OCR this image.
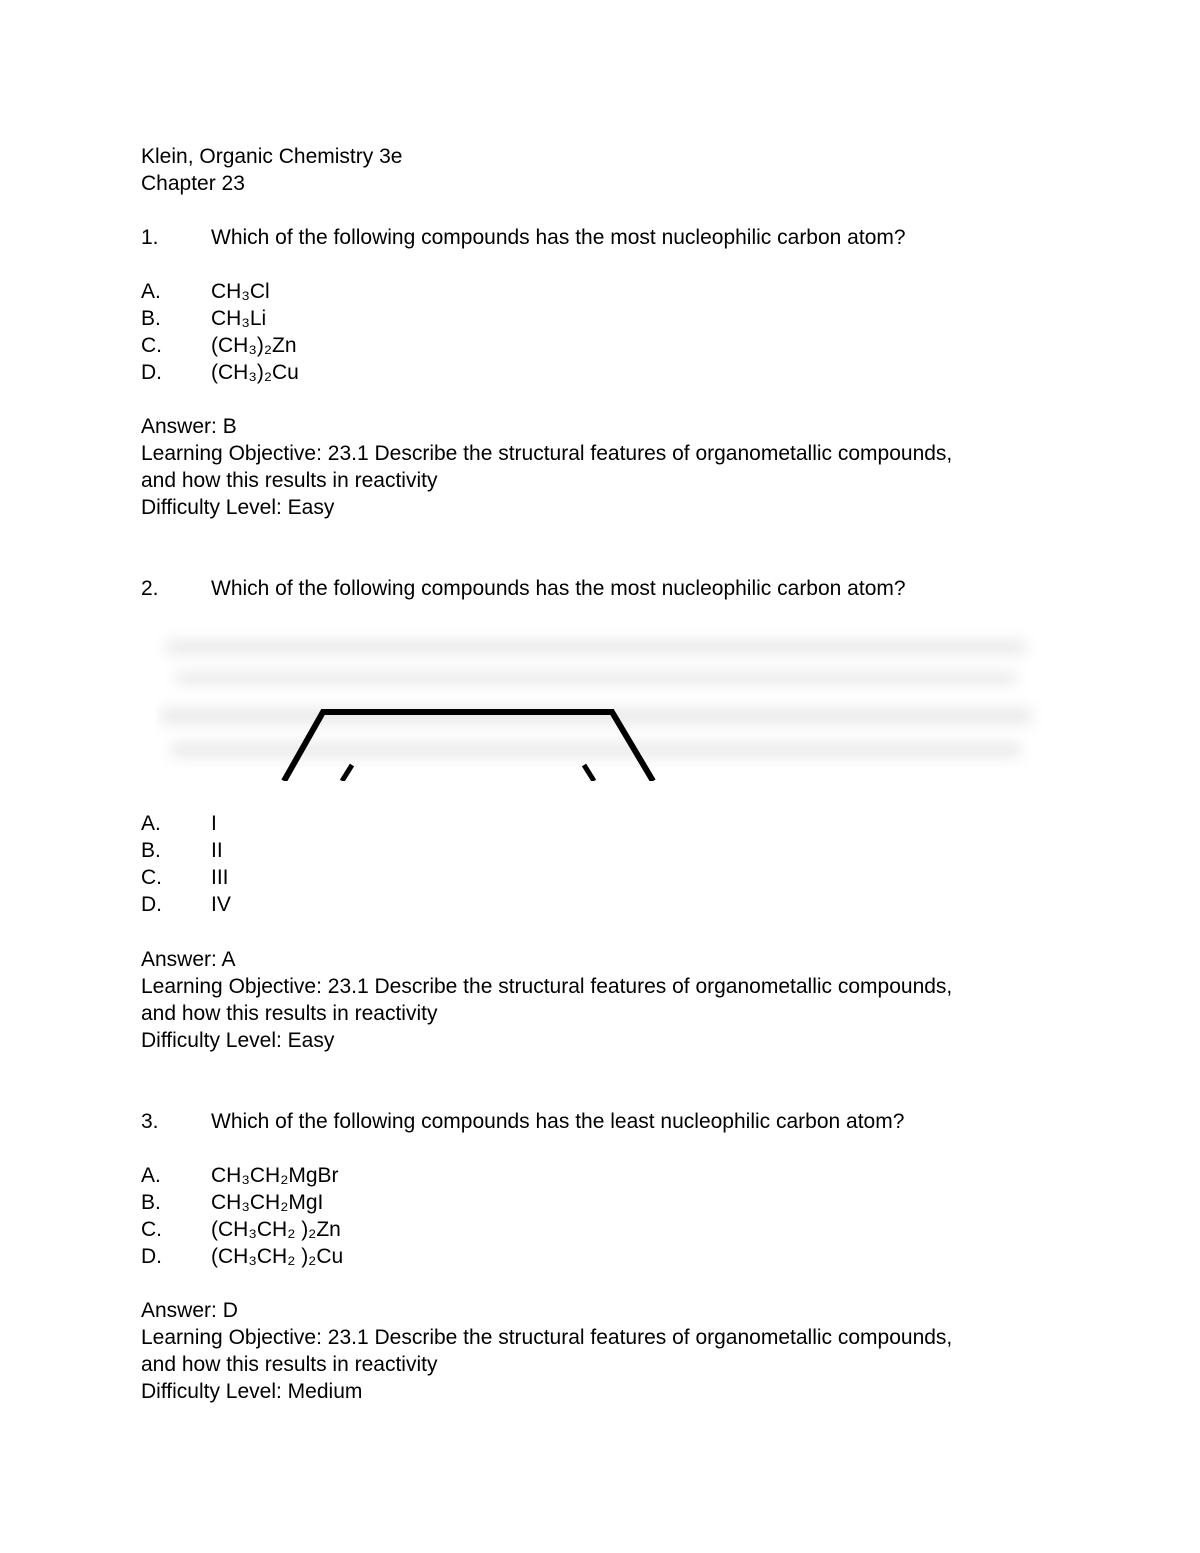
Klein, Organic Chemistry 3e
Chapter 23
1. Which of the following compounds has the most nucleophilic carbon atom?
A. CH₃Cl
B. CH₃Li
C. (CH₃)₂Zn
D. (CH₃)₂Cu
Answer: B
Learning Objective: 23.1 Describe the structural features of organometallic compounds,
and how this results in reactivity
Difficulty Level: Easy
2. Which of the following compounds has the most nucleophilic carbon atom?
A. I
B. II
C. III
D. IV
Answer: A
Learning Objective: 23.1 Describe the structural features of organometallic compounds,
and how this results in reactivity
Difficulty Level: Easy
3. Which of the following compounds has the least nucleophilic carbon atom?
A. CH₃CH₂MgBr
B. CH₃CH₂MgI
C. (CH₃CH₂ )₂Zn
D. (CH₃CH₂ )₂Cu
Answer: D
Learning Objective: 23.1 Describe the structural features of organometallic compounds,
and how this results in reactivity
Difficulty Level: Medium
